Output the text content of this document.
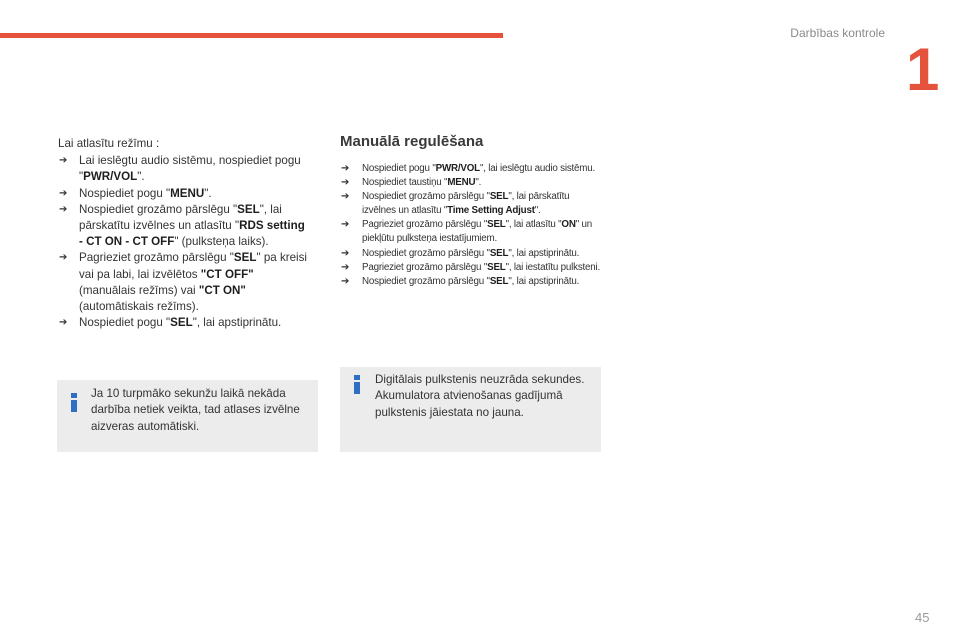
Darbības kontrole
1
Lai atlasītu režīmu :
➔ Lai ieslēgtu audio sistēmu, nospiediet pogu "PWR/VOL".
➔ Nospiediet pogu "MENU".
➔ Nospiediet grozāmo pārslēgu "SEL", lai pārskatītu izvēlnes un atlasītu "RDS setting - CT ON - CT OFF" (pulksteņa laiks).
➔ Pagrieziet grozāmo pārslēgu "SEL" pa kreisi vai pa labi, lai izvēlētos "CT OFF" (manuālais režīms) vai "CT ON" (automātiskais režīms).
➔ Nospiediet pogu "SEL", lai apstiprinātu.
Manuālā regulēšana
➔ Nospiediet pogu "PWR/VOL", lai ieslēgtu audio sistēmu.
➔ Nospiediet taustiņu "MENU".
➔ Nospiediet grozāmo pārslēgu "SEL", lai pārskatītu izvēlnes un atlasītu "Time Setting Adjust".
➔ Pagrieziet grozāmo pārslēgu "SEL", lai atlasītu "ON" un piekļūtu pulksteņa iestatījumiem.
➔ Nospiediet grozāmo pārslēgu "SEL", lai apstiprinātu.
➔ Pagrieziet grozāmo pārslēgu "SEL", lai iestatītu pulksteni.
➔ Nospiediet grozāmo pārslēgu "SEL", lai apstiprinātu.
Ja 10 turpmāko sekunžu laikā nekāda darbība netiek veikta, tad atlases izvēlne aizveras automātiski.
Digitālais pulkstenis neuzrāda sekundes.
Akumulatora atvienošanas gadījumā pulkstenis jāiestata no jauna.
45
